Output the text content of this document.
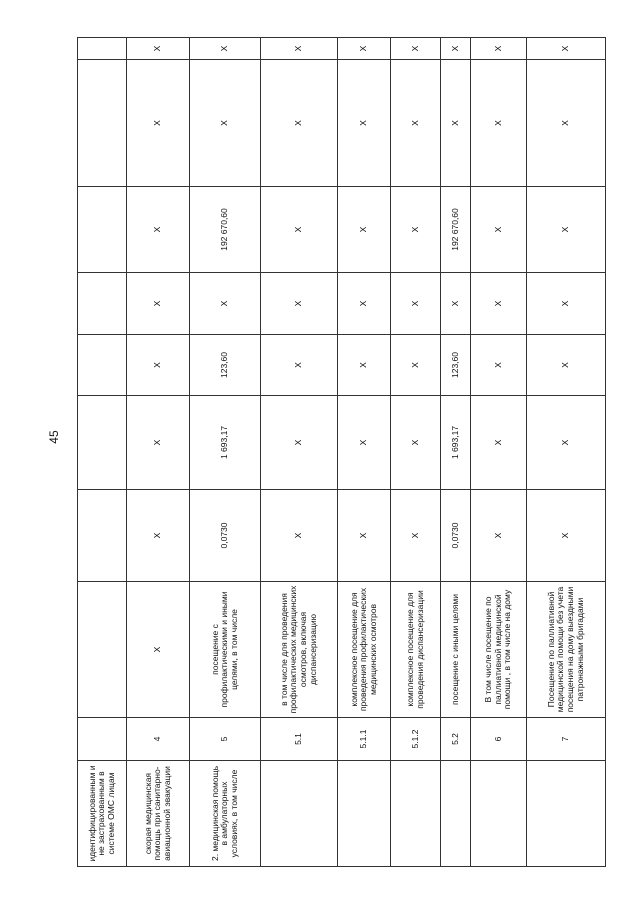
45
идентифицированным и не застрахованным в системе ОМС лицам									
скорая медицинская помощь при санитарно-авиационной эвакуации	4	X	X	X	X	X	X	X	X
2. медицинская помощь в амбулаторных условиях, в том числе	5	посещение с профилактическими и иными целями, в том числе	0,0730	1 693,17	123,60	X	192 670,60	X	X
	5.1	в том числе для проведения профилактических медицинских осмотров, включая диспансеризацию	X	X	X	X	X	X	X
	5.1.1	комплексное посещение для проведения профилактических медицинских осмотров	X	X	X	X	X	X	X
	5.1.2	комплексное посещение для проведения диспансеризации	X	X	X	X	X	X	X
	5.2	посещение с иными целями	0,0730	1 693,17	123,60	X	192 670,60	X	X
	6	В том числе посещение по паллиативной медицинской помощи , в том числе на дому	X	X	X	X	X	X	X
	7	Посещение по паллиативной медицинской помощи без учета посещения на дому выездными патронажными бригадами	X	X	X	X	X	X	X
